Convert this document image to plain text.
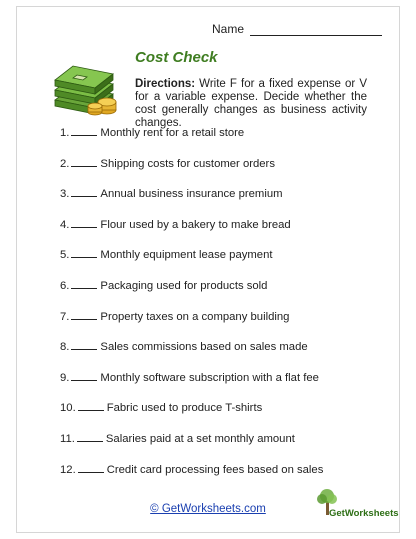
Name
Cost Check
Directions: Write F for a fixed expense or V for a variable expense. Decide whether the cost generally changes as business activity changes.
1.	Monthly rent for a retail store
2.	Shipping costs for customer orders
3.	Annual business insurance premium
4.	Flour used by a bakery to make bread
5.	Monthly equipment lease payment
6.	Packaging used for products sold
7.	Property taxes on a company building
8.	Sales commissions based on sales made
9.	Monthly software subscription with a flat fee
10.	Fabric used to produce T-shirts
11.	Salaries paid at a set monthly amount
12.	Credit card processing fees based on sales
© GetWorksheets.com	GetWorksheets
